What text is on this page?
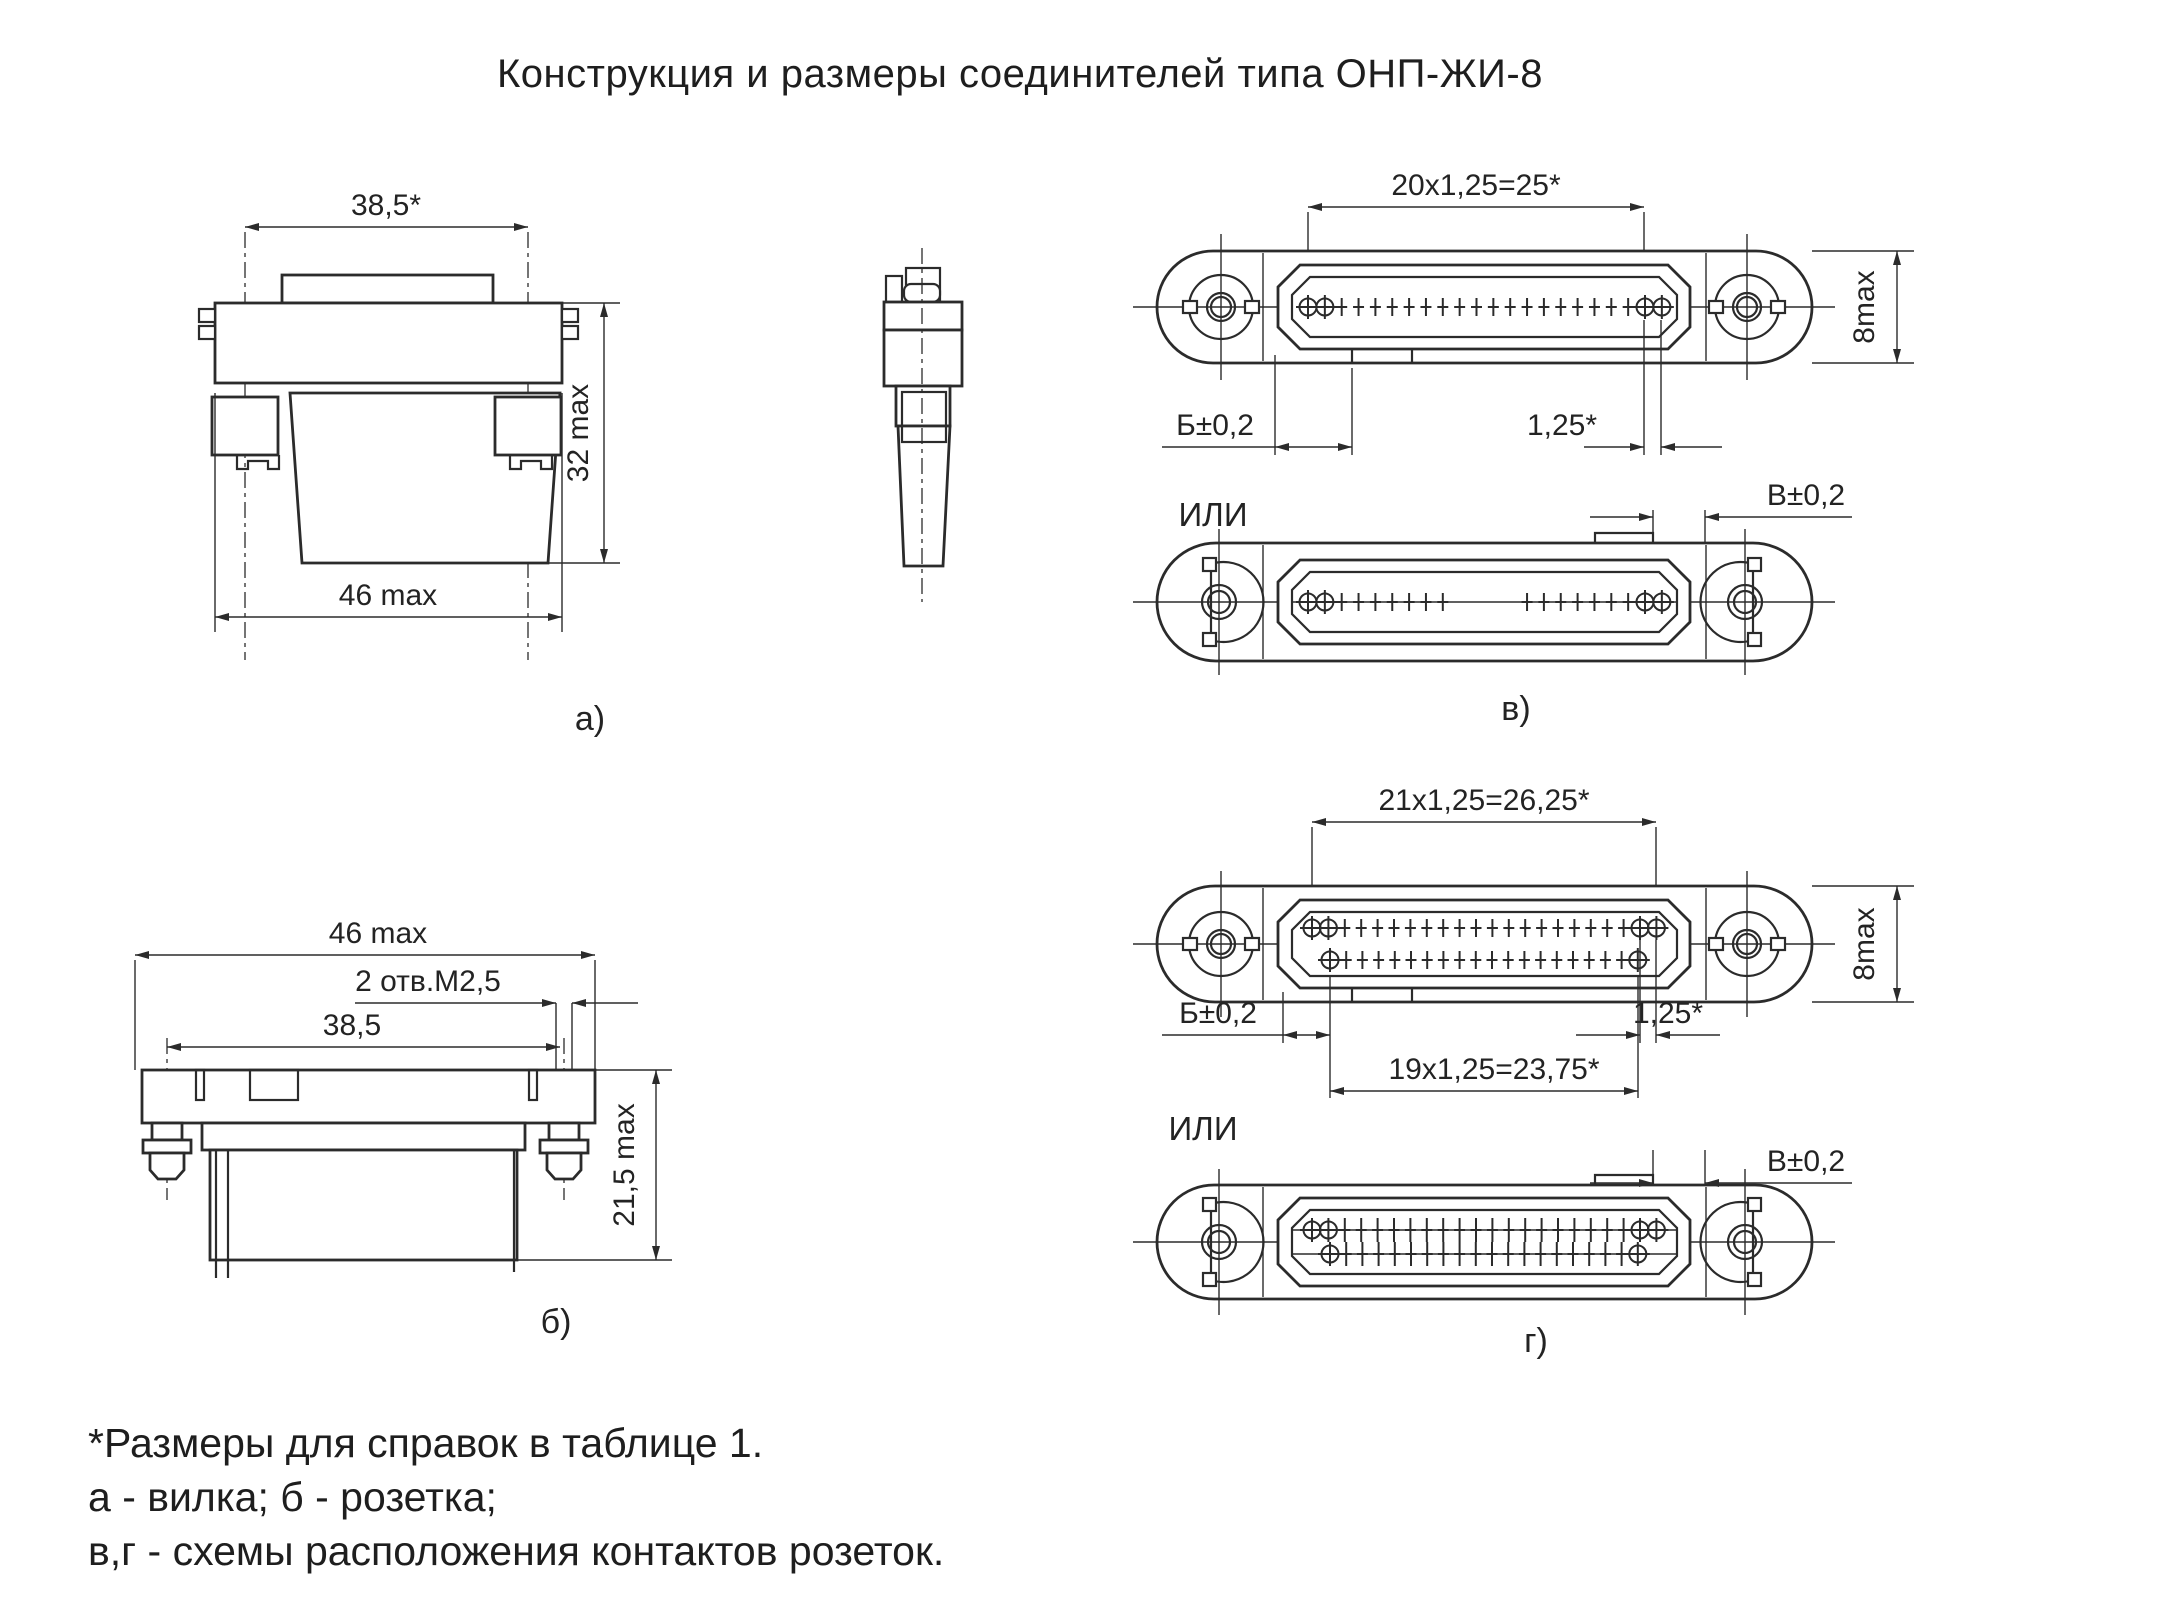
Конструкция и размеры соединителей типа ОНП-ЖИ-8
38,5*
32 max
46 max
а)
46 max
2 отв.М2,5
38,5
21,5 max
б)
20x1,25=25*
8max
Б±0,2	1,25*
ИЛИ
В±0,2
в)
21x1,25=26,25*
8max
Б±0,2	1,25*
19x1,25=23,75*
ИЛИ
В±0,2
г)
*Размеры для справок в таблице 1.
а - вилка; б - розетка;
в,г - схемы расположения контактов розеток.
